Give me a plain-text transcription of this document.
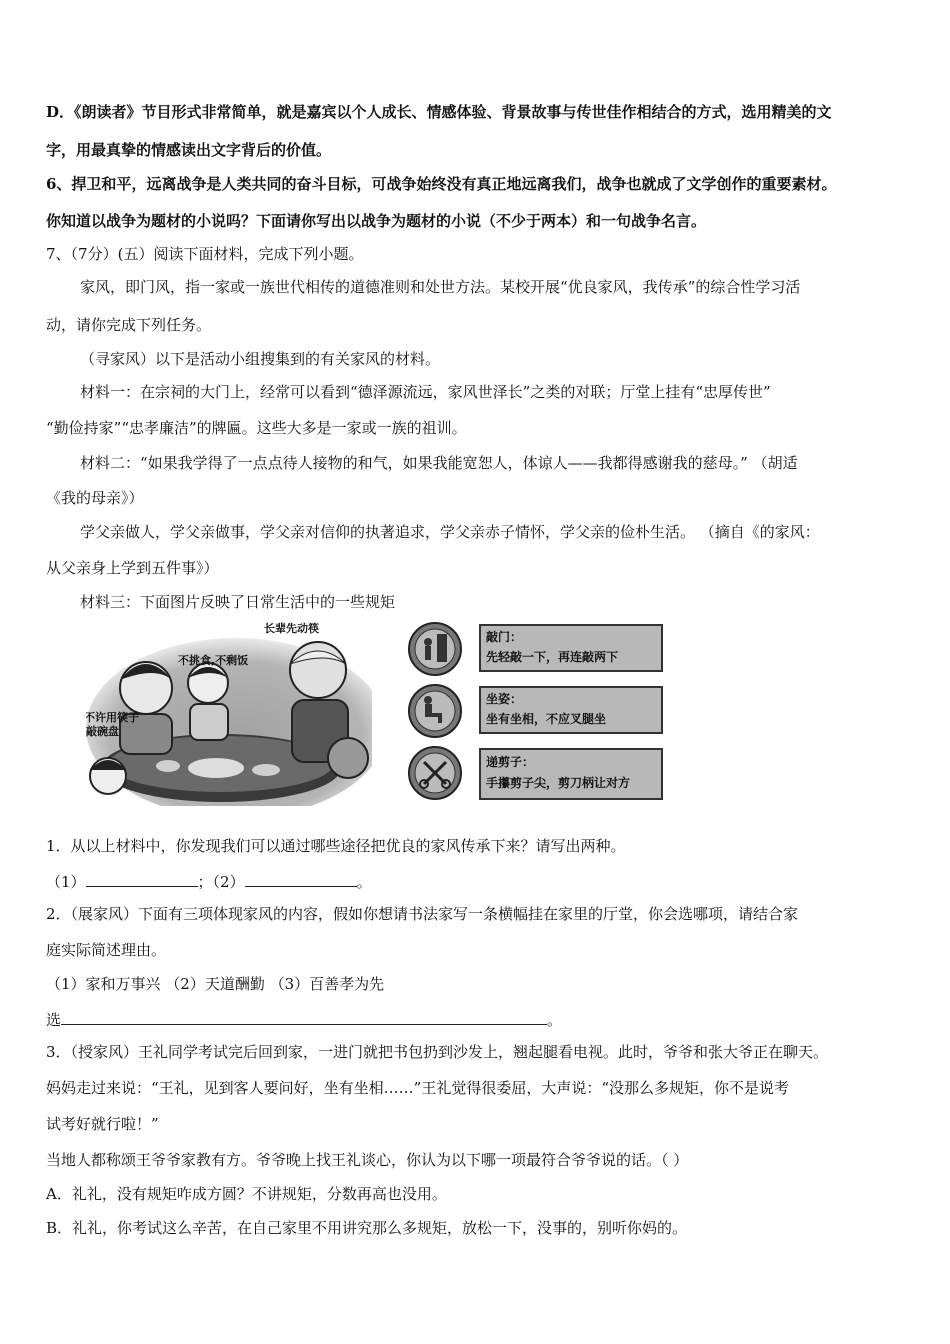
D．《朗读者》节目形式非常简单，就是嘉宾以个人成长、情感体验、背景故事与传世佳作相结合的方式，选用精美的文
字，用最真挚的情感读出文字背后的价值。
6、捍卫和平，远离战争是人类共同的奋斗目标，可战争始终没有真正地远离我们，战争也就成了文学创作的重要素材。
你知道以战争为题材的小说吗？下面请你写出以战争为题材的小说（不少于两本）和一句战争名言。
7、（7分）(五）阅读下面材料，完成下列小题。
家风，即门风，指一家或一族世代相传的道德准则和处世方法。某校开展“优良家风，我传承”的综合性学习活
动，请你完成下列任务。
（寻家风）以下是活动小组搜集到的有关家风的材料。
材料一：在宗祠的大门上，经常可以看到“德泽源流远，家风世泽长”之类的对联；厅堂上挂有“忠厚传世”
“勤俭持家”“忠孝廉洁”的牌匾。这些大多是一家或一族的祖训。
材料二：“如果我学得了一点点待人接物的和气，如果我能宽恕人，体谅人——我都得感谢我的慈母。” （胡适
《我的母亲》）
学父亲做人，学父亲做事，学父亲对信仰的执著追求，学父亲赤子情怀，学父亲的俭朴生活。 （摘自《的家风：
从父亲身上学到五件事》）
材料三：下面图片反映了日常生活中的一些规矩
长辈先动筷
不挑食,不剩饭
不许用筷子
敲碗盘
敲门：
先轻敲一下，再连敲两下
坐姿：
坐有坐相，不应叉腿坐
递剪子：
手攥剪子尖，剪刀柄让对方
1．从以上材料中，你发现我们可以通过哪些途径把优良的家风传承下来？请写出两种。
（1）	；（2）	。
2．（展家风）下面有三项体现家风的内容，假如你想请书法家写一条横幅挂在家里的厅堂，你会选哪项，请结合家
庭实际简述理由。
（1）家和万事兴 （2）天道酬勤 （3）百善孝为先
选	。
3．（授家风）王礼同学考试完后回到家，一进门就把书包扔到沙发上，翘起腿看电视。此时，爷爷和张大爷正在聊天。
妈妈走过来说：“王礼，见到客人要问好，坐有坐相……”王礼觉得很委屈，大声说：“没那么多规矩，你不是说考
试考好就行啦！”
当地人都称颂王爷爷家教有方。爷爷晚上找王礼谈心，你认为以下哪一项最符合爷爷说的话。（ ）
A．礼礼，没有规矩咋成方圆？不讲规矩，分数再高也没用。
B．礼礼，你考试这么辛苦，在自己家里不用讲究那么多规矩，放松一下，没事的，别听你妈的。
